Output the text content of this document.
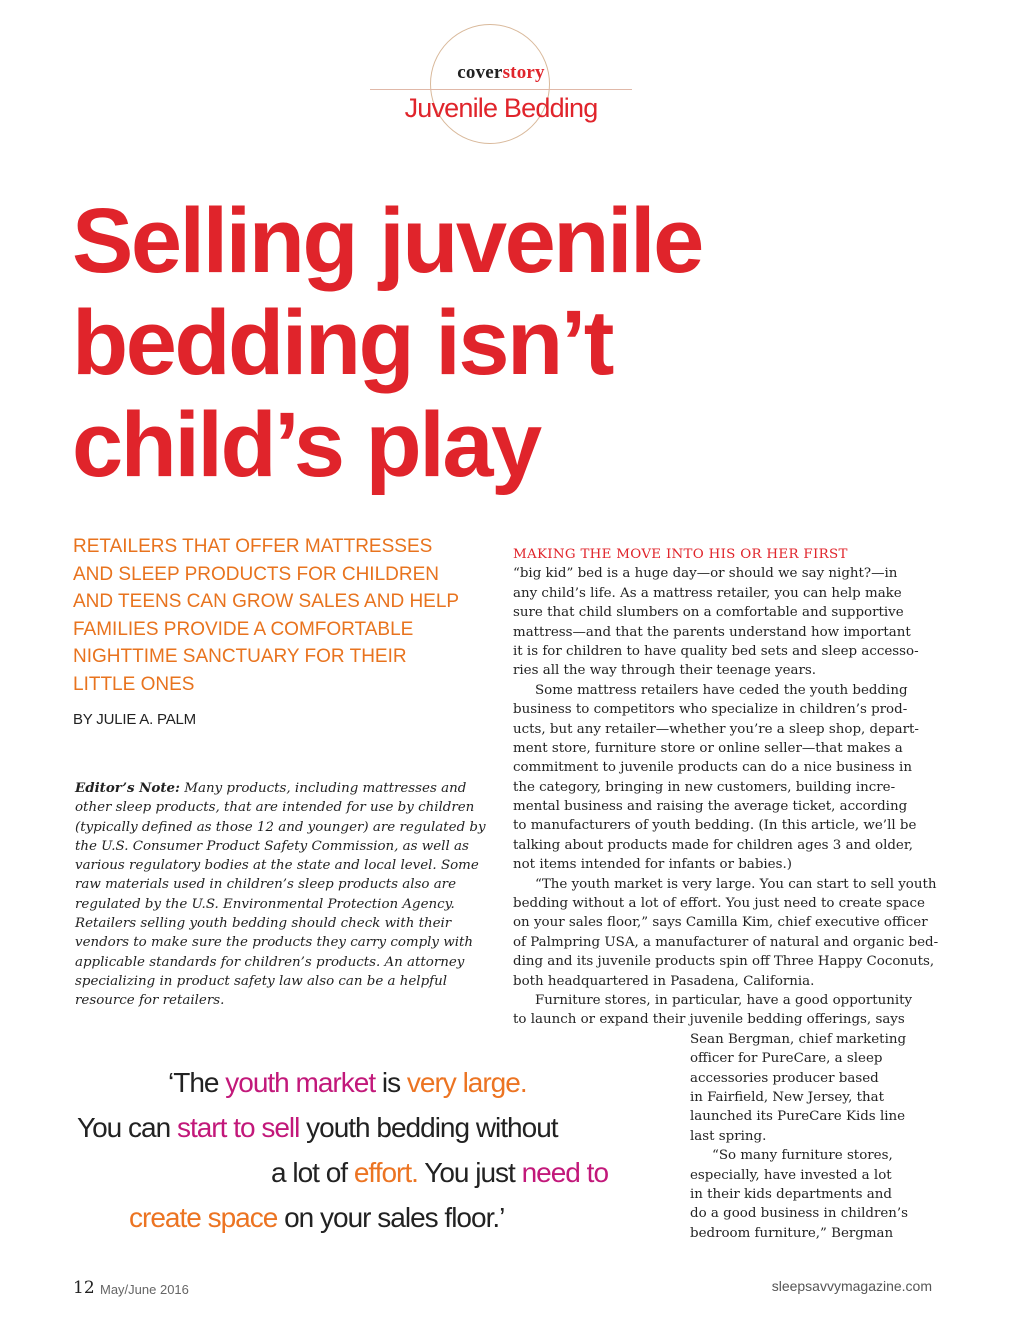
coverstory
Juvenile Bedding
Selling juvenile
bedding isn’t
child’s play
RETAILERS THAT OFFER MATTRESSES
AND SLEEP PRODUCTS FOR CHILDREN
AND TEENS CAN GROW SALES AND HELP
FAMILIES PROVIDE A COMFORTABLE
NIGHTTIME SANCTUARY FOR THEIR
LITTLE ONES
BY JULIE A. PALM
Editor’s Note: Many products, including mattresses and other sleep products, that are intended for use by children (typically defined as those 12 and younger) are regulated by the U.S. Consumer Product Safety Commission, as well as various regulatory bodies at the state and local level. Some raw materials used in children’s sleep products also are regulated by the U.S. Environmental Protection Agency. Retailers selling youth bedding should check with their vendors to make sure the products they carry comply with applicable standards for children’s products. An attorney specializing in product safety law also can be a helpful resource for retailers.
MAKING THE MOVE INTO HIS OR HER FIRST
“big kid” bed is a huge day—or should we say night?—in
any child’s life. As a mattress retailer, you can help make
sure that child slumbers on a comfortable and supportive
mattress—and that the parents understand how important
it is for children to have quality bed sets and sleep accesso-
ries all the way through their teenage years.
Some mattress retailers have ceded the youth bedding
business to competitors who specialize in children’s prod-
ucts, but any retailer—whether you’re a sleep shop, depart-
ment store, furniture store or online seller—that makes a
commitment to juvenile products can do a nice business in
the category, bringing in new customers, building incre-
mental business and raising the average ticket, according
to manufacturers of youth bedding. (In this article, we’ll be
talking about products made for children ages 3 and older,
not items intended for infants or babies.)
“The youth market is very large. You can start to sell youth
bedding without a lot of effort. You just need to create space
on your sales floor,” says Camilla Kim, chief executive officer
of Palmpring USA, a manufacturer of natural and organic bed-
ding and its juvenile products spin off Three Happy Coconuts,
both headquartered in Pasadena, California.
Furniture stores, in particular, have a good opportunity
to launch or expand their juvenile bedding offerings, says
Sean Bergman, chief marketing
officer for PureCare, a sleep
accessories producer based
in Fairfield, New Jersey, that
launched its PureCare Kids line
last spring.
“So many furniture stores,
especially, have invested a lot
in their kids departments and
do a good business in children’s
bedroom furniture,” Bergman
‘The youth market is very large.
You can start to sell youth bedding without
a lot of effort. You just need to
create space on your sales floor.’
12 May/June 2016	sleepsavvymagazine.com
